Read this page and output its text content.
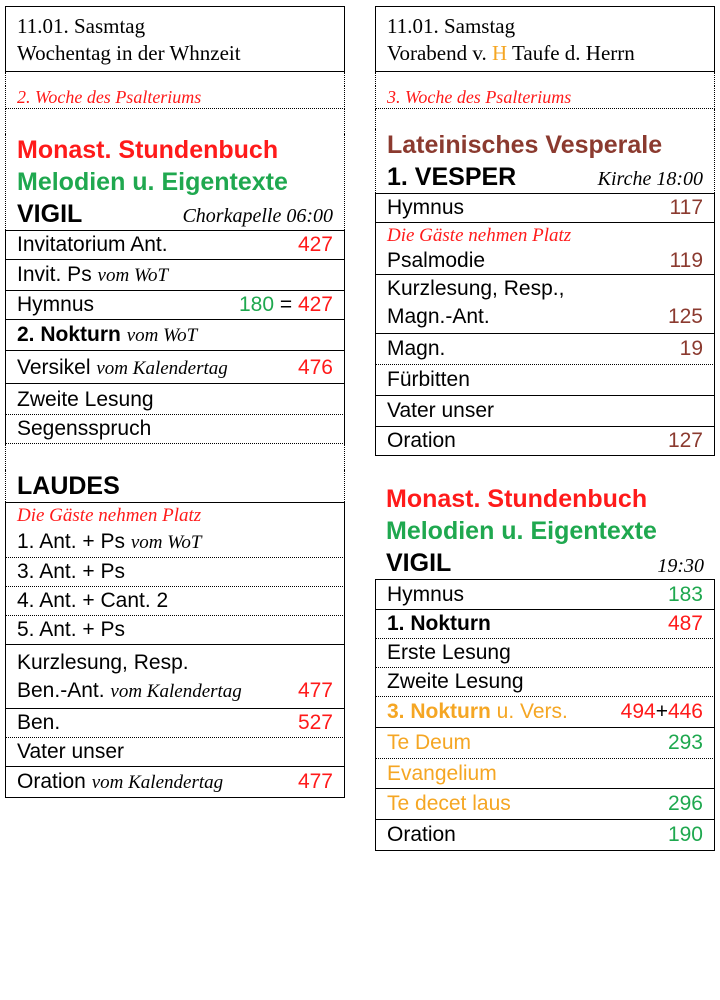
11.01. Sasmtag
Wochentag in der Whnzeit
2. Woche des Psalteriums
Monast. Stundenbuch
Melodien u. Eigentexte
VIGIL	Chorkapelle 06:00
Invitatorium Ant.	427
Invit. Ps vom WoT
Hymnus	180 = 427
2. Nokturn vom WoT
Versikel vom Kalendertag	476
Zweite Lesung
Segensspruch
LAUDES
Die Gäste nehmen Platz
1. Ant. + Ps vom WoT
3. Ant. + Ps
4. Ant. + Cant. 2
5. Ant. + Ps
Kurzlesung, Resp.
Ben.-Ant. vom Kalendertag	477
Ben.	527
Vater unser
Oration vom Kalendertag	477
11.01. Samstag
Vorabend v. H Taufe d. Herrn
3. Woche des Psalteriums
Lateinisches Vesperale
1. VESPER	Kirche 18:00
Hymnus	117
Die Gäste nehmen Platz
Psalmodie	119
Kurzlesung, Resp.,
Magn.-Ant.	125
Magn.	19
Fürbitten
Vater unser
Oration	127
Monast. Stundenbuch
Melodien u. Eigentexte
VIGIL	19:30
Hymnus	183
1. Nokturn	487
Erste Lesung
Zweite Lesung
3. Nokturn u. Vers.	494+446
Te Deum	293
Evangelium
Te decet laus	296
Oration	190
